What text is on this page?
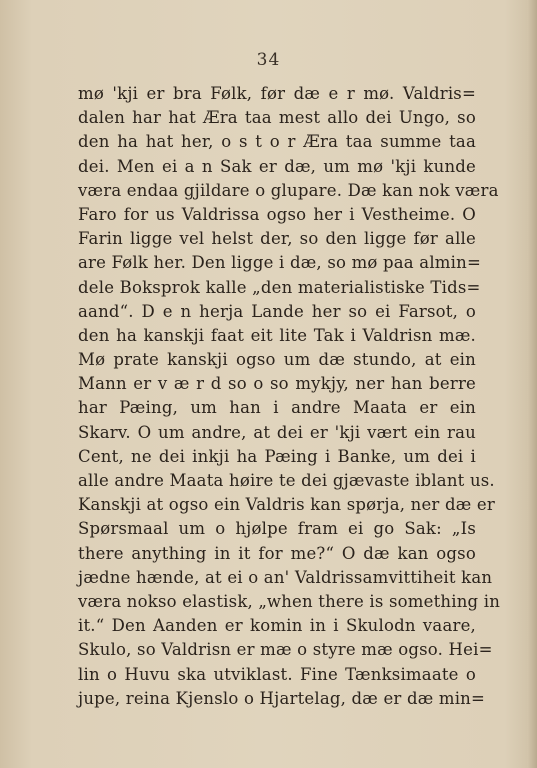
34
mø 'kji er bra Følk, før dæ e r mø. Valdris=
dalen har hat Æra taa mest allo dei Ungo, so
den ha hat her, o s t o r Æra taa summe taa
dei. Men ei a n Sak er dæ, um mø 'kji kunde
væra endaa gjildare o glupare. Dæ kan nok væra
Faro for us Valdrissa ogso her i Vestheime. O
Farin ligge vel helst der, so den ligge før alle
are Følk her. Den ligge i dæ, so mø paa almin=
dele Boksprok kalle „den materialistiske Tids=
aand“. D e n herja Lande her so ei Farsot, o
den ha kanskji faat eit lite Tak i Valdrisn mæ.
Mø prate kanskji ogso um dæ stundo, at ein
Mann er v æ r d so o so mykjy, ner han berre
har Pæing, um han i andre Maata er ein
Skarv. O um andre, at dei er 'kji vært ein rau
Cent, ne dei inkji ha Pæing i Banke, um dei i
alle andre Maata høire te dei gjævaste iblant us.
Kanskji at ogso ein Valdris kan spørja, ner dæ er
Spørsmaal um o hjølpe fram ei go Sak: „Is
there anything in it for me?“ O dæ kan ogso
jædne hænde, at ei o an' Valdrissamvittiheit kan
væra nokso elastisk, „when there is something in
it.“ Den Aanden er komin in i Skulodn vaare,
Skulo, so Valdrisn er mæ o styre mæ ogso. Hei=
lin o Huvu ska utviklast. Fine Tænksimaate o
jupe, reina Kjenslo o Hjartelag, dæ er dæ min=
